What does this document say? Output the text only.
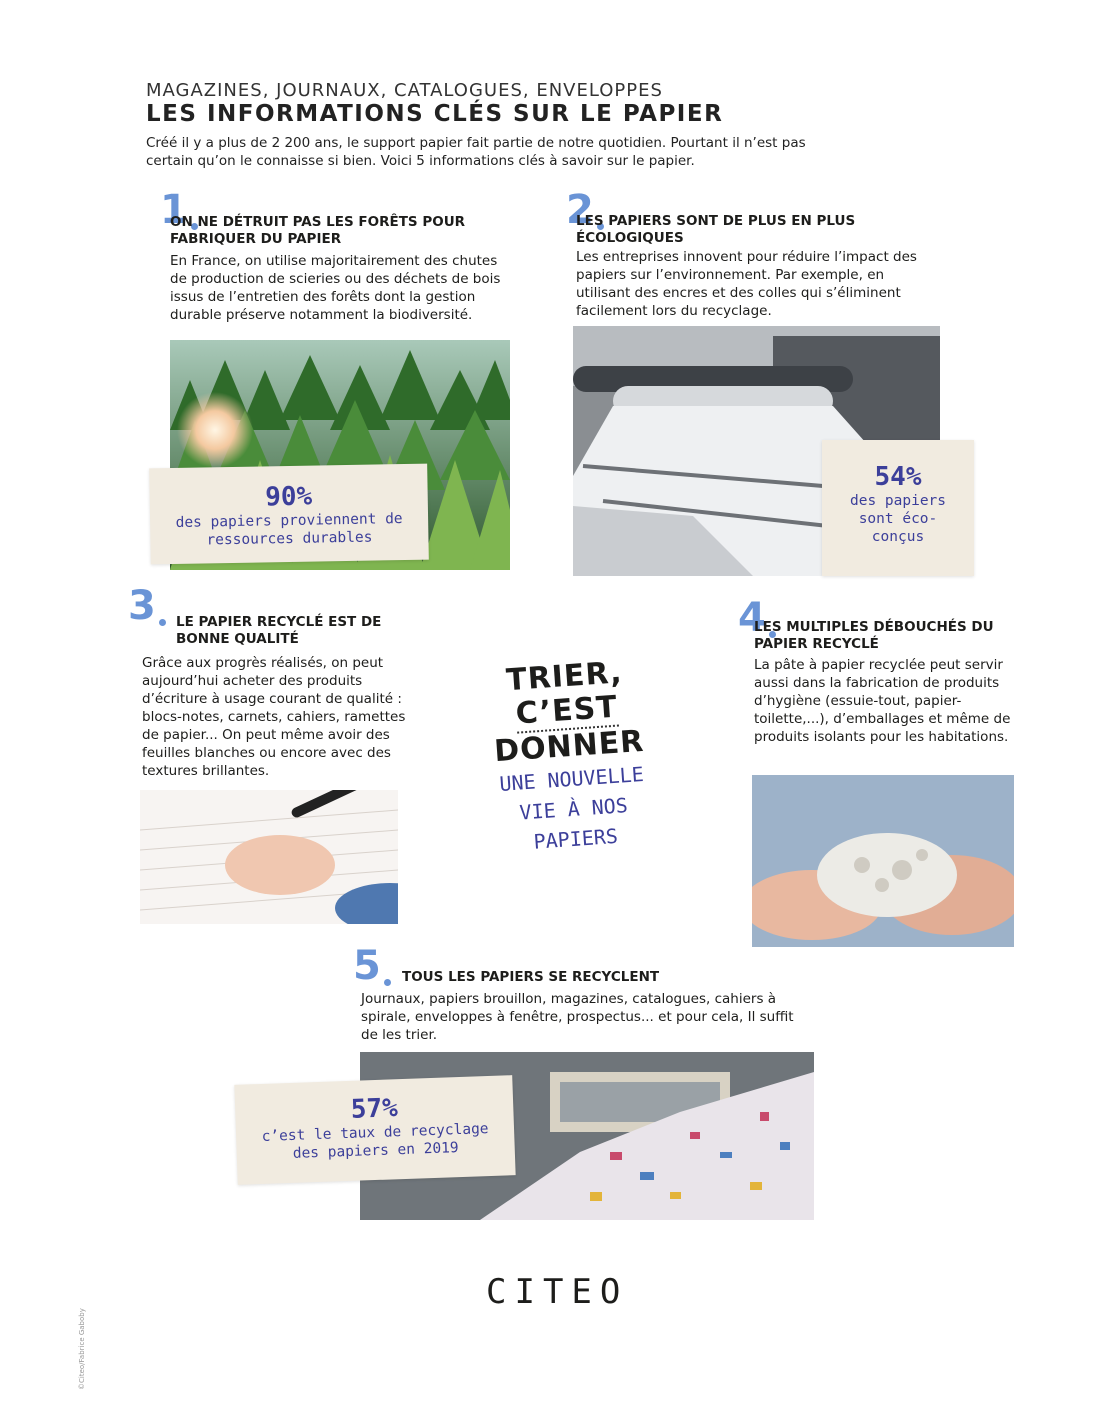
MAGAZINES, JOURNAUX, CATALOGUES, ENVELOPPES
LES INFORMATIONS CLÉS SUR LE PAPIER
Créé il y a plus de 2 200 ans, le support papier fait partie de notre quotidien. Pourtant il n’est pas certain qu’on le connaisse si bien. Voici 5 informations clés à savoir sur le papier.
1
ON NE DÉTRUIT PAS LES FORÊTS POUR FABRIQUER DU PAPIER
En France, on utilise majoritairement des chutes de production de scieries ou des déchets de bois issus de l’entretien des forêts dont la gestion durable préserve notamment la biodiversité.
90%
des papiers proviennent de ressources durables
2
LES PAPIERS SONT DE PLUS EN PLUS ÉCOLOGIQUES
Les entreprises innovent pour réduire l’impact des papiers sur l’environnement. Par exemple, en utilisant des encres et des colles qui s’éliminent facilement lors du recyclage.
54%
des papiers sont éco-conçus
3 LE PAPIER RECYCLÉ EST DE BONNE QUALITÉ
Grâce aux progrès réalisés, on peut aujourd’hui acheter des produits d’écriture à usage courant de qualité : blocs-notes, carnets, cahiers, ramettes de papier... On peut même avoir des feuilles blanches ou encore avec des textures brillantes.
TRIER,
C’EST
DONNER
UNE NOUVELLE
VIE À NOS
PAPIERS
4
LES MULTIPLES DÉBOUCHÉS DU PAPIER RECYCLÉ
La pâte à papier recyclée peut servir aussi dans la fabrication de produits d’hygiène (essuie-tout, papier-toilette,...), d’emballages et même de produits isolants pour les habitations.
5 TOUS LES PAPIERS SE RECYCLENT
Journaux, papiers brouillon, magazines, catalogues, cahiers à spirale, enveloppes à fenêtre, prospectus... et pour cela, Il suffit de les trier.
57%
c’est le taux de recyclage des papiers en 2019
CITEO
©Citeo/Fabrice Gaboby
